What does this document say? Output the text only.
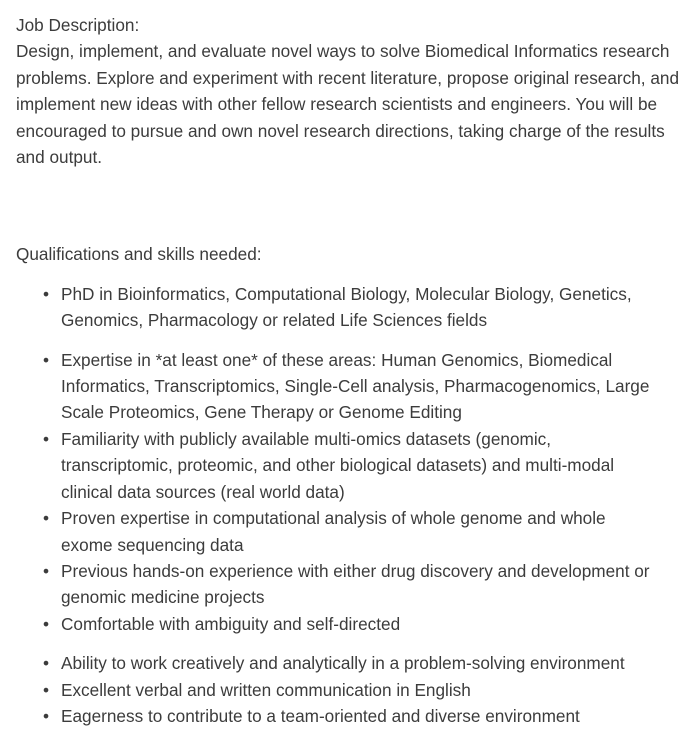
Job Description:

Design, implement, and evaluate novel ways to solve Biomedical Informatics research problems. Explore and experiment with recent literature, propose original research, and implement new ideas with other fellow research scientists and engineers. You will be encouraged to pursue and own novel research directions, taking charge of the results and output.

Qualifications and skills needed:
• PhD in Bioinformatics, Computational Biology, Molecular Biology, Genetics, Genomics, Pharmacology or related Life Sciences fields
• Expertise in *at least one* of these areas: Human Genomics, Biomedical Informatics, Transcriptomics, Single-Cell analysis, Pharmacogenomics, Large Scale Proteomics, Gene Therapy or Genome Editing
• Familiarity with publicly available multi-omics datasets (genomic, transcriptomic, proteomic, and other biological datasets) and multi-modal clinical data sources (real world data)
• Proven expertise in computational analysis of whole genome and whole exome sequencing data
• Previous hands-on experience with either drug discovery and development or genomic medicine projects
• Comfortable with ambiguity and self-directed
• Ability to work creatively and analytically in a problem-solving environment
• Excellent verbal and written communication in English
• Eagerness to contribute to a team-oriented and diverse environment
